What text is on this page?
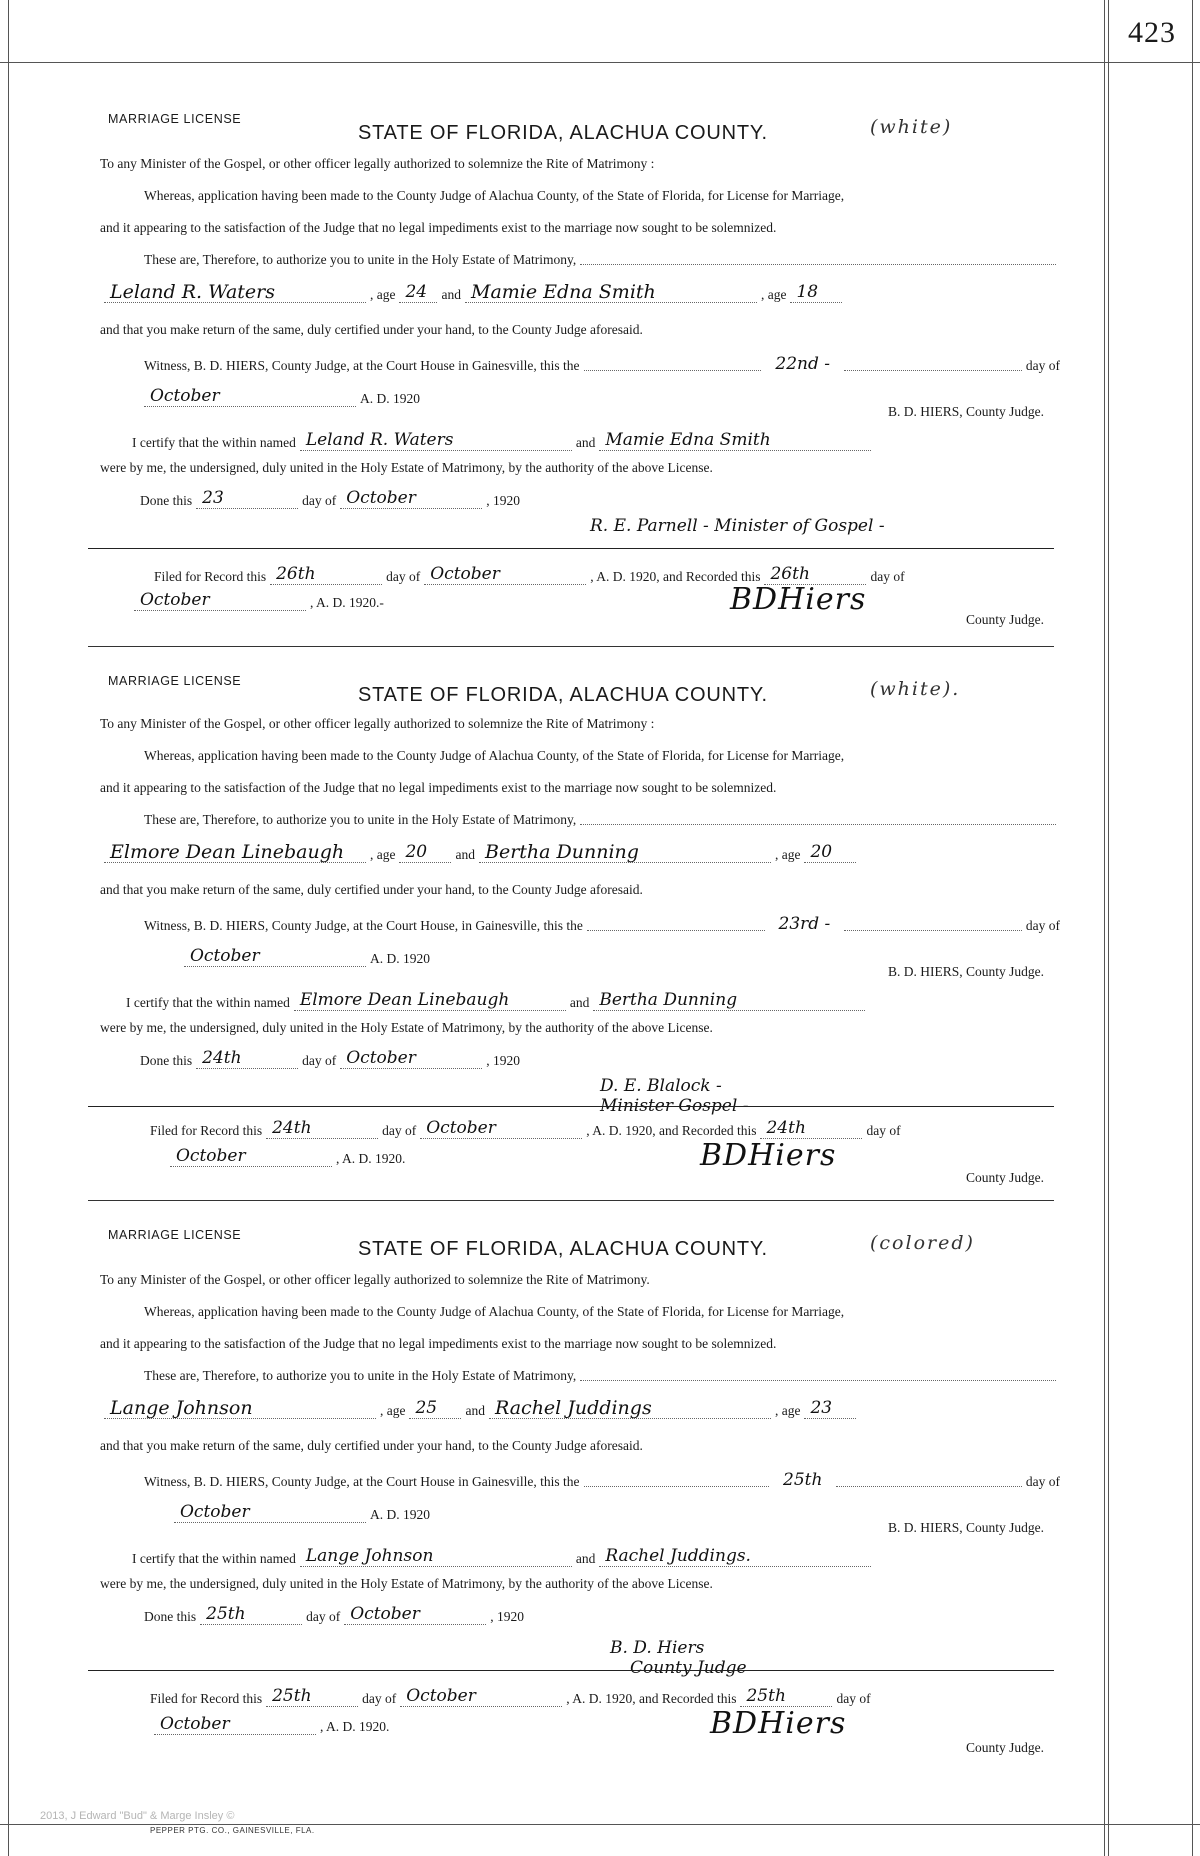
423
MARRIAGE LICENSE
STATE OF FLORIDA, ALACHUA COUNTY.	(white)
To any Minister of the Gospel, or other officer legally authorized to solemnize the Rite of Matrimony :
Whereas, application having been made to the County Judge of Alachua County, of the State of Florida, for License for Marriage,
and it appearing to the satisfaction of the Judge that no legal impediments exist to the marriage now sought to be solemnized.
These are, Therefore, to authorize you to unite in the Holy Estate of Matrimony,
Leland R. Waters	, age 24	and Mamie Edna Smith	, age 18
and that you make return of the same, duly certified under your hand, to the County Judge aforesaid.
Witness, B. D. HIERS, County Judge, at the Court House in Gainesville, this the	22nd -	day of
October	A. D. 19 20
B. D. HIERS, County Judge.
I certify that the within named Leland R. Waters	and Mamie Edna Smith
were by me, the undersigned, duly united in the Holy Estate of Matrimony, by the authority of the above License.
Done this 23	day of October	, 19 20
R. E. Parnell - Minister of Gospel -
Filed for Record this 26th	day of October	, A. D. 19 20 , and Recorded this 26th	day of
October	, A. D. 19 20.-	BDHiers
County Judge.
MARRIAGE LICENSE
STATE OF FLORIDA, ALACHUA COUNTY.	(white).
To any Minister of the Gospel, or other officer legally authorized to solemnize the Rite of Matrimony :
Whereas, application having been made to the County Judge of Alachua County, of the State of Florida, for License for Marriage,
and it appearing to the satisfaction of the Judge that no legal impediments exist to the marriage now sought to be solemnized.
These are, Therefore, to authorize you to unite in the Holy Estate of Matrimony,
Elmore Dean Linebaugh	, age 20	and Bertha Dunning	, age 20
and that you make return of the same, duly certified under your hand, to the County Judge aforesaid.
Witness, B. D. HIERS, County Judge, at the Court House, in Gainesville, this the	23rd -	day of
October	A. D. 19 20
B. D. HIERS, County Judge.
I certify that the within named Elmore Dean Linebaugh	and Bertha Dunning
were by me, the undersigned, duly united in the Holy Estate of Matrimony, by the authority of the above License.
Done this 24th	day of October	, 19 20
D. E. Blalock -
Minister Gospel -
Filed for Record this 24th	day of October	, A. D. 19 20 , and Recorded this 24th	day of
October	, A. D. 19 20.	BDHiers
County Judge.
MARRIAGE LICENSE
STATE OF FLORIDA, ALACHUA COUNTY.	(colored)
To any Minister of the Gospel, or other officer legally authorized to solemnize the Rite of Matrimony.
Whereas, application having been made to the County Judge of Alachua County, of the State of Florida, for License for Marriage,
and it appearing to the satisfaction of the Judge that no legal impediments exist to the marriage now sought to be solemnized.
These are, Therefore, to authorize you to unite in the Holy Estate of Matrimony,
Lange Johnson	, age 25	and Rachel Juddings	, age 23
and that you make return of the same, duly certified under your hand, to the County Judge aforesaid.
Witness, B. D. HIERS, County Judge, at the Court House in Gainesville, this the	25th	day of
October	A. D. 19 20
B. D. HIERS, County Judge.
I certify that the within named Lange Johnson	and Rachel Juddings.
were by me, the undersigned, duly united in the Holy Estate of Matrimony, by the authority of the above License.
Done this 25th	day of October	, 19 20
B. D. Hiers
County Judge
Filed for Record this 25th	day of October	, A. D. 19 20 , and Recorded this 25th	day of
October	, A. D. 19 20.	BDHiers
County Judge.
2013, J Edward "Bud" & Marge Insley ©
PEPPER PTG. CO., GAINESVILLE, FLA.
